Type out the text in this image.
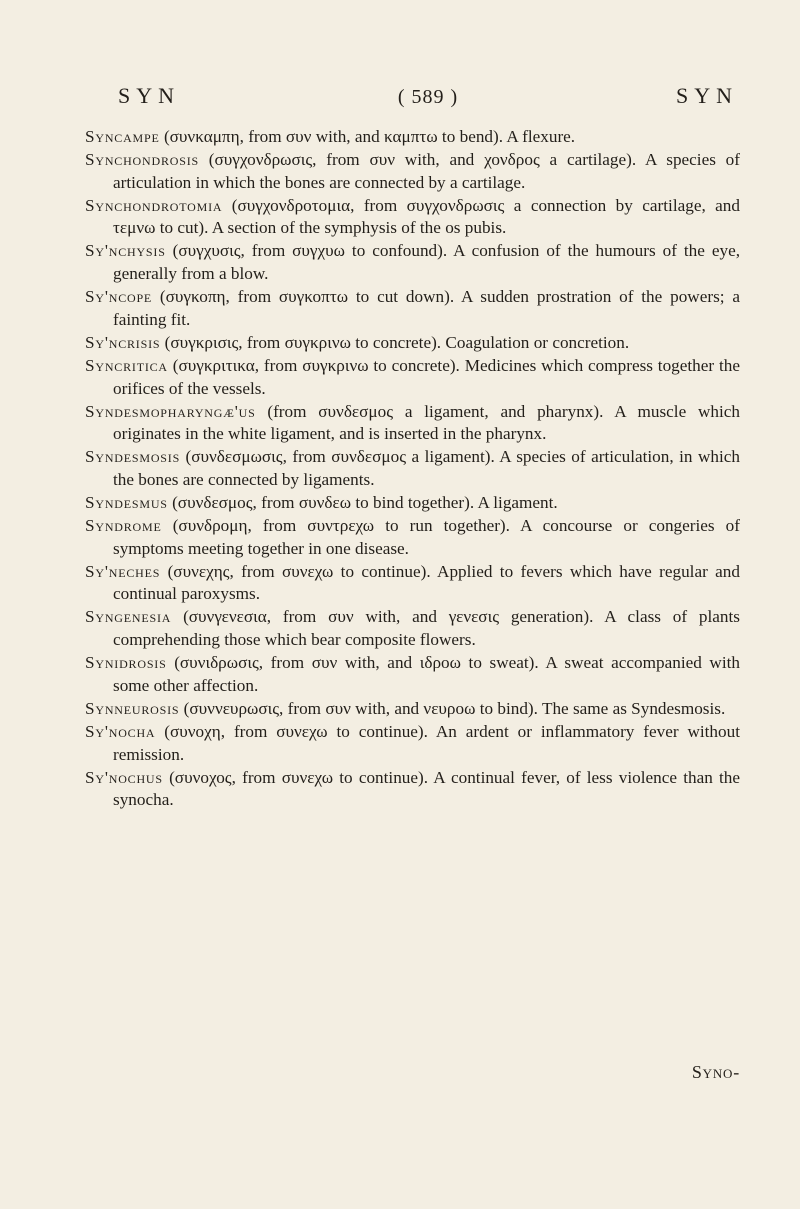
SYN	( 589 )	SYN

Syncampe (συνκαμπη, from συν with, and καμπτω to bend). A flexure.

Synchondrosis (συγχονδρωσις, from συν with, and χονδρος a cartilage). A species of articulation in which the bones are connected by a cartilage.

Synchondrotomia (συγχονδροτομια, from συγχονδρωσις a connection by cartilage, and τεμνω to cut). A section of the symphysis of the os pubis.

Sy'nchysis (συγχυσις, from συγχυω to confound). A confusion of the humours of the eye, generally from a blow.

Sy'ncope (συγκοπη, from συγκοπτω to cut down). A sudden prostration of the powers; a fainting fit.

Sy'ncrisis (συγκρισις, from συγκρινω to concrete). Coagulation or concretion.

Syncritica (συγκριτικα, from συγκρινω to concrete). Medicines which compress together the orifices of the vessels.

Syndesmopharyngæ'us (from συνδεσμος a ligament, and pharynx). A muscle which originates in the white ligament, and is inserted in the pharynx.

Syndesmosis (συνδεσμωσις, from συνδεσμος a ligament). A species of articulation, in which the bones are connected by ligaments.

Syndesmus (συνδεσμος, from συνδεω to bind together). A ligament.

Syndrome (συνδρομη, from συντρεχω to run together). A concourse or congeries of symptoms meeting together in one disease.

Sy'neches (συνεχης, from συνεχω to continue). Applied to fevers which have regular and continual paroxysms.

Syngenesia (συνγενεσια, from συν with, and γενεσις generation). A class of plants comprehending those which bear composite flowers.

Synidrosis (συνιδρωσις, from συν with, and ιδροω to sweat). A sweat accompanied with some other affection.

Synneurosis (συννευρωσις, from συν with, and νευροω to bind). The same as Syndesmosis.

Sy'nocha (συνοχη, from συνεχω to continue). An ardent or inflammatory fever without remission.

Sy'nochus (συνοχος, from συνεχω to continue). A continual fever, of less violence than the synocha.

Syno-
